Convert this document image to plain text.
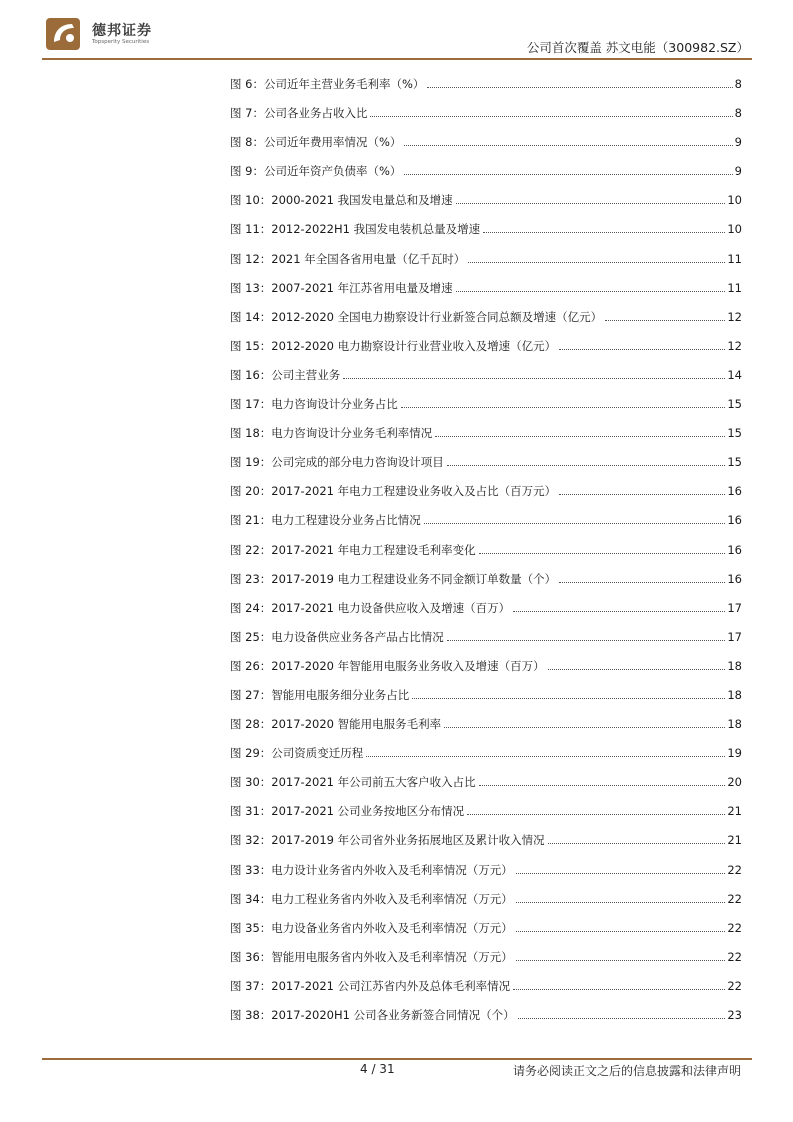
德邦证券
Topsperity Securities	公司首次覆盖 苏文电能（300982.SZ）
图 6：公司近年主营业务毛利率（%）	8
图 7：公司各业务占收入比	8
图 8：公司近年费用率情况（%）	9
图 9：公司近年资产负债率（%）	9
图 10：2000-2021 我国发电量总和及增速	10
图 11：2012-2022H1 我国发电装机总量及增速	10
图 12：2021 年全国各省用电量（亿千瓦时）	11
图 13：2007-2021 年江苏省用电量及增速	11
图 14：2012-2020 全国电力勘察设计行业新签合同总额及增速（亿元）	12
图 15：2012-2020 电力勘察设计行业营业收入及增速（亿元）	12
图 16：公司主营业务	14
图 17：电力咨询设计分业务占比	15
图 18：电力咨询设计分业务毛利率情况	15
图 19：公司完成的部分电力咨询设计项目	15
图 20：2017-2021 年电力工程建设业务收入及占比（百万元）	16
图 21：电力工程建设分业务占比情况	16
图 22：2017-2021 年电力工程建设毛利率变化	16
图 23：2017-2019 电力工程建设业务不同金额订单数量（个）	16
图 24：2017-2021 电力设备供应收入及增速（百万）	17
图 25：电力设备供应业务各产品占比情况	17
图 26：2017-2020 年智能用电服务业务收入及增速（百万）	18
图 27：智能用电服务细分业务占比	18
图 28：2017-2020 智能用电服务毛利率	18
图 29：公司资质变迁历程	19
图 30：2017-2021 年公司前五大客户收入占比	20
图 31：2017-2021 公司业务按地区分布情况	21
图 32：2017-2019 年公司省外业务拓展地区及累计收入情况	21
图 33：电力设计业务省内外收入及毛利率情况（万元）	22
图 34：电力工程业务省内外收入及毛利率情况（万元）	22
图 35：电力设备业务省内外收入及毛利率情况（万元）	22
图 36：智能用电服务省内外收入及毛利率情况（万元）	22
图 37：2017-2021 公司江苏省内外及总体毛利率情况	22
图 38：2017-2020H1 公司各业务新签合同情况（个）	23
4 / 31	请务必阅读正文之后的信息披露和法律声明
